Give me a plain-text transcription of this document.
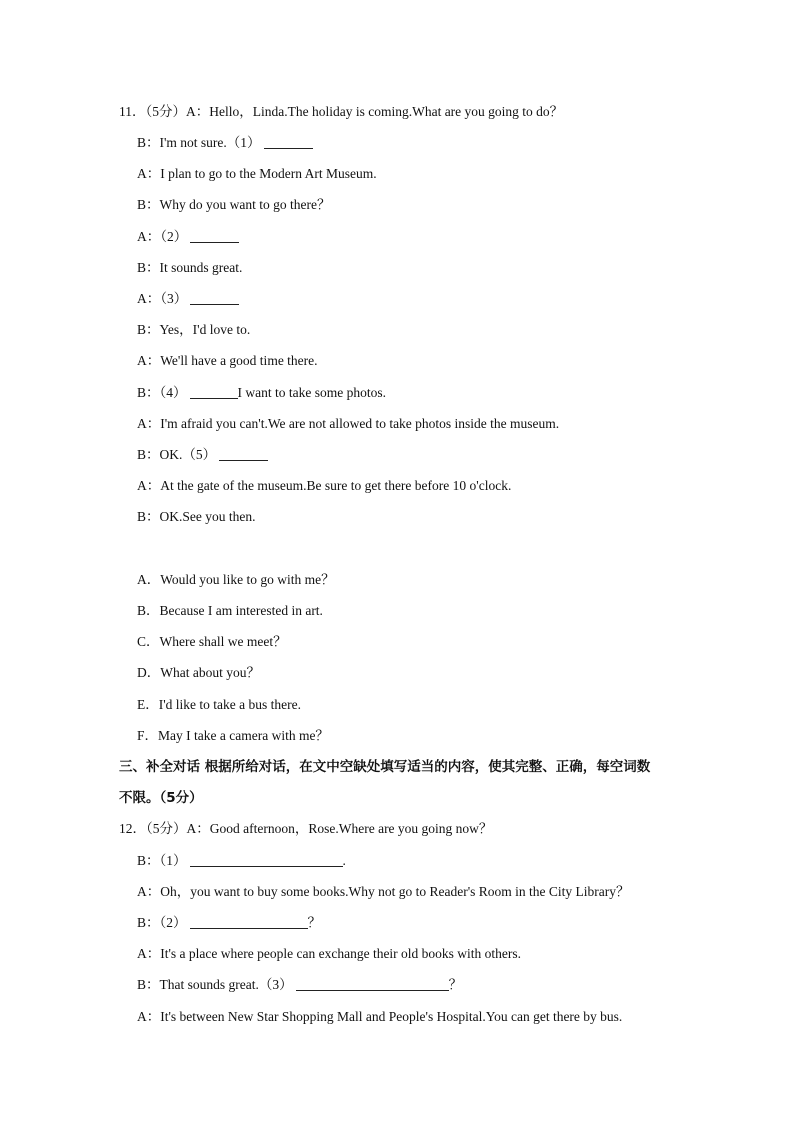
11．（5分）A：Hello，Linda.The holiday is coming.What are you going to do？
B：I'm not sure.（1）
A：I plan to go to the Modern Art Museum.
B：Why do you want to go there？
A：（2）
B：It sounds great.
A：（3）
B：Yes，I'd love to.
A：We'll have a good time there.
B：（4）	I want to take some photos.
A：I'm afraid you can't.We are not allowed to take photos inside the museum.
B：OK.（5）
A：At the gate of the museum.Be sure to get there before 10 o'clock.
B：OK.See you then.
A．Would you like to go with me？
B．Because I am interested in art.
C．Where shall we meet？
D．What about you？
E．I'd like to take a bus there.
F．May I take a camera with me？
三、补全对话 根据所给对话，在文中空缺处填写适当的内容，使其完整、正确，每空词数
不限。（5分）
12．（5分）A：Good afternoon，Rose.Where are you going now？
B：（1）	.
A：Oh，you want to buy some books.Why not go to Reader's Room in the City Library？
B：（2）	？
A：It's a place where people can exchange their old books with others.
B：That sounds great.（3）	？
A：It's between New Star Shopping Mall and People's Hospital.You can get there by bus.
